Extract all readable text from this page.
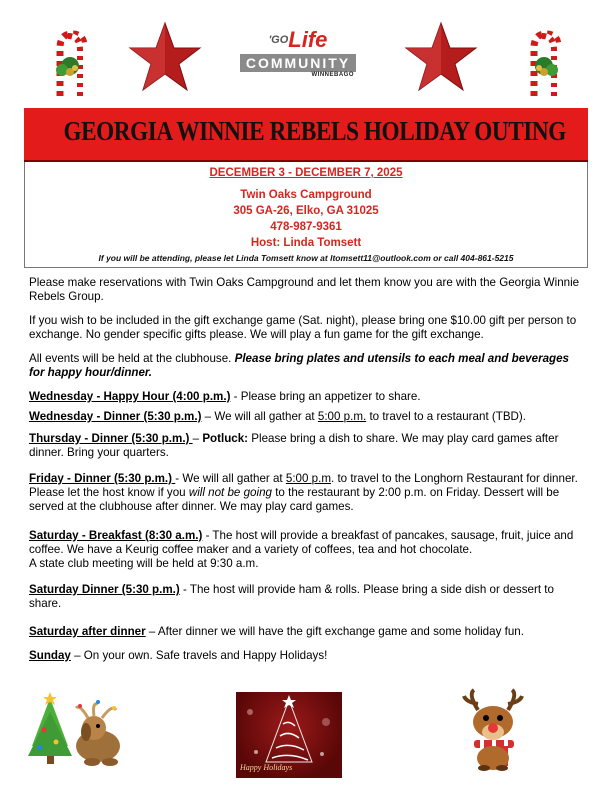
$^{'GO}$Life
COMMUNITY
WINNEBAGO
GEORGIA WINNIE REBELS HOLIDAY OUTING
DECEMBER 3 - DECEMBER 7, 2025
Twin Oaks Campground
305 GA-26, Elko, GA 31025
478-987-9361
Host: Linda Tomsett
If you will be attending, please let Linda Tomsett know at ltomsett11@outlook.com or call 404-861-5215
Please make reservations with Twin Oaks Campground and let them know you are with the Georgia Winnie Rebels Group.
If you wish to be included in the gift exchange game (Sat. night), please bring one $10.00 gift per person to exchange. No gender specific gifts please. We will play a fun game for the gift exchange.
All events will be held at the clubhouse. Please bring plates and utensils to each meal and beverages for happy hour/dinner.
Wednesday - Happy Hour (4:00 p.m.) - Please bring an appetizer to share.
Wednesday - Dinner (5:30 p.m.) – We will all gather at 5:00 p.m. to travel to a restaurant (TBD).
Thursday - Dinner (5:30 p.m.) – Potluck: Please bring a dish to share. We may play card games after dinner. Bring your quarters.
Friday - Dinner (5:30 p.m.) - We will all gather at 5:00 p.m. to travel to the Longhorn Restaurant for dinner. Please let the host know if you will not be going to the restaurant by 2:00 p.m. on Friday. Dessert will be served at the clubhouse after dinner. We may play card games.
Saturday - Breakfast (8:30 a.m.) - The host will provide a breakfast of pancakes, sausage, fruit, juice and coffee. We have a Keurig coffee maker and a variety of coffees, tea and hot chocolate.
A state club meeting will be held at 9:30 a.m.
Saturday Dinner (5:30 p.m.) - The host will provide ham & rolls. Please bring a side dish or dessert to share.
Saturday after dinner – After dinner we will have the gift exchange game and some holiday fun.
Sunday – On your own. Safe travels and Happy Holidays!
Happy Holidays
